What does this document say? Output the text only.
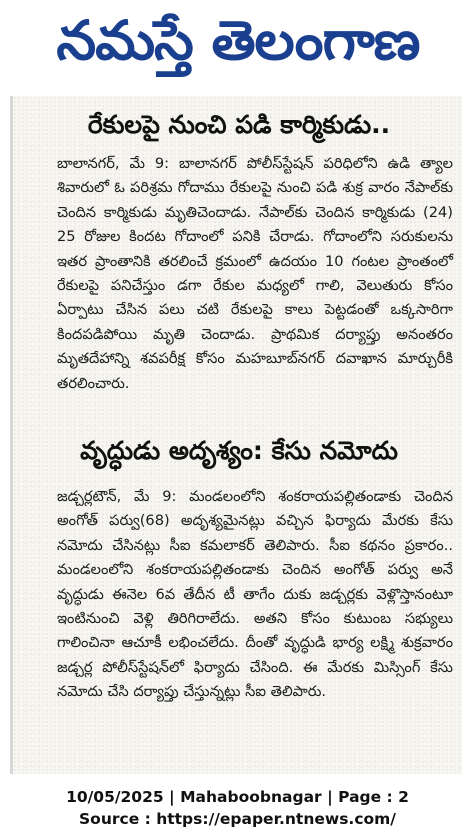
నమస్తే తెలంగాణ
రేకులపై నుంచి పడి కార్మికుడు..

బాలానగర్, మే 9: బాలానగర్ పోలీస్‌స్టేషన్ పరిధిలోని ఉడి త్యాల శివారులో ఓ పరిశ్రమ గోదాము రేకులపై నుంచి పడి శుక్ర వారం నేపాల్‌కు చెందిన కార్మికుడు మృతిచెందాడు. నేపాల్‌కు చెందిన కార్మికుడు (24) 25 రోజుల కిందట గోదాంలో పనికి చేరాడు. గోదాంలోని సరుకులను ఇతర ప్రాంతానికి తరలించే క్రమంలో ఉదయం 10 గంటల ప్రాంతంలో రేకులపై పనిచేస్తుం డగా రేకుల మధ్యలో గాలి, వెలుతురు కోసం ఏర్పాటు చేసిన పలు చటి రేకులపై కాలు పెట్టడంతో ఒక్కసారిగా కిందపడిపోయి మృతి చెందాడు. ప్రాథమిక దర్యాప్తు అనంతరం మృతదేహాన్ని శవపరీక్ష కోసం మహబూబ్‌నగర్ దవాఖాన మార్చురీకి తరలించారు.

వృద్ధుడు అదృశ్యం: కేసు నమోదు

జడ్చర్లటౌన్, మే 9: మండలంలోని శంకరాయపల్లితండాకు చెందిన అంగోత్ పర్వు(68) అదృశ్యమైనట్లు వచ్చిన ఫిర్యాదు మేరకు కేసు నమోదు చేసినట్లు సీఐ కమలాకర్ తెలిపారు. సీఐ కథనం ప్రకారం.. మండలంలోని శంకరాయపల్లితండాకు చెందిన అంగోత్ పర్వు అనే వృద్ధుడు ఈనెల 6వ తేదీన టీ తాగేం దుకు జడ్చర్లకు వెళ్లొస్తానంటూ ఇంటినుంచి వెళ్లి తిరిగిరాలేదు. అతని కోసం కుటుంబ సభ్యులు గాలించినా ఆచూకీ లభించలేదు. దీంతో వృద్ధుడి భార్య లక్ష్మి శుక్రవారం జడ్చర్ల పోలీస్‌స్టేషన్‌లో ఫిర్యాదు చేసింది. ఈ మేరకు మిస్సింగ్ కేసు నమోదు చేసి దర్యాప్తు చేస్తున్నట్లు సీఐ తెలిపారు.

10/05/2025 | Mahaboobnagar | Page : 2
Source : https://epaper.ntnews.com/
